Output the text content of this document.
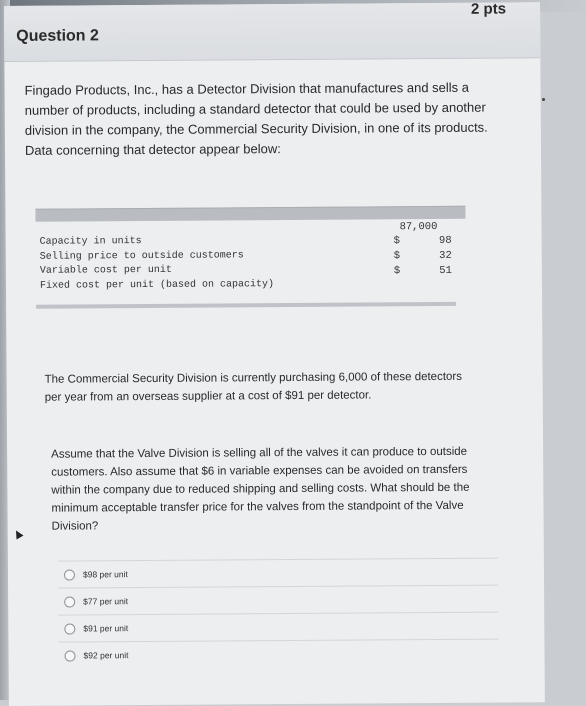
Question 2
2 pts

Fingado Products, Inc., has a Detector Division that manufactures and sells a number of products, including a standard detector that could be used by another division in the company, the Commercial Security Division, in one of its products. Data concerning that detector appear below:

87,000
Capacity in units
Selling price to outside customers
Variable cost per unit
Fixed cost per unit (based on capacity)
$
$
$
98
32
51

The Commercial Security Division is currently purchasing 6,000 of these detectors per year from an overseas supplier at a cost of $91 per detector.

Assume that the Valve Division is selling all of the valves it can produce to outside customers. Also assume that $6 in variable expenses can be avoided on transfers within the company due to reduced shipping and selling costs. What should be the minimum acceptable transfer price for the valves from the standpoint of the Valve Division?

$98 per unit
$77 per unit
$91 per unit
$92 per unit
